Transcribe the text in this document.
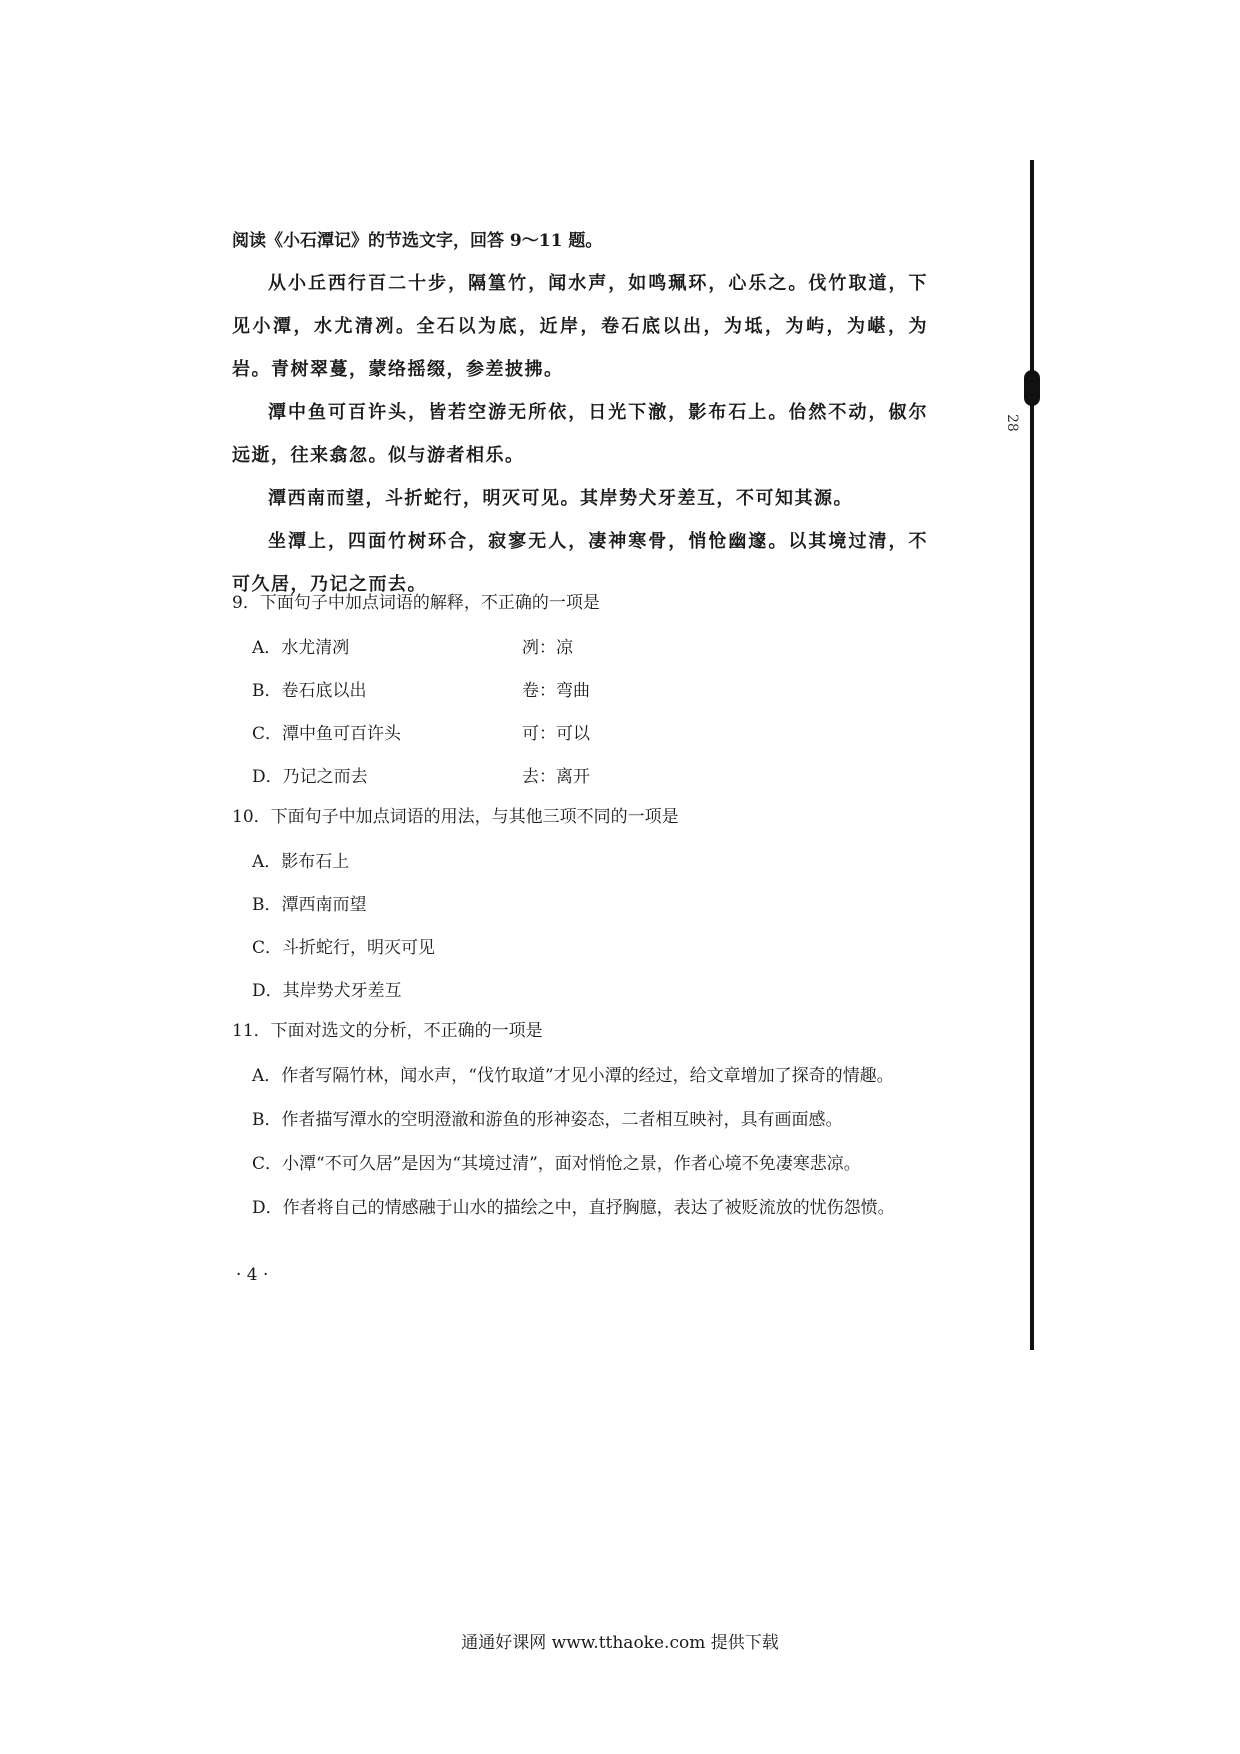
28
阅读《小石潭记》的节选文字，回答 9～11 题。

从小丘西行百二十步，隔篁竹，闻水声，如鸣珮环，心乐之。伐竹取道，下见小潭，水尤清冽。全石以为底，近岸，卷石底以出，为坻，为屿，为嵁，为岩。青树翠蔓，蒙络摇缀，参差披拂。

潭中鱼可百许头，皆若空游无所依，日光下澈，影布石上。佁然不动，俶尔远逝，往来翕忽。似与游者相乐。

潭西南而望，斗折蛇行，明灭可见。其岸势犬牙差互，不可知其源。

坐潭上，四面竹树环合，寂寥无人，凄神寒骨，悄怆幽邃。以其境过清，不可久居，乃记之而去。

9．下面句子中加点词语的解释，不正确的一项是
A．水尤清冽	冽：凉
B．卷石底以出	卷：弯曲
C．潭中鱼可百许头	可：可以
D．乃记之而去	去：离开
10．下面句子中加点词语的用法，与其他三项不同的一项是
A．影布石上
B．潭西南而望
C．斗折蛇行，明灭可见
D．其岸势犬牙差互
11．下面对选文的分析，不正确的一项是
A．作者写隔竹林，闻水声，“伐竹取道”才见小潭的经过，给文章增加了探奇的情趣。
B．作者描写潭水的空明澄澈和游鱼的形神姿态，二者相互映衬，具有画面感。
C．小潭“不可久居”是因为“其境过清”，面对悄怆之景，作者心境不免凄寒悲凉。
D．作者将自己的情感融于山水的描绘之中，直抒胸臆，表达了被贬流放的忧伤怨愤。
· 4 ·
通通好课网 www.tthaoke.com 提供下载
